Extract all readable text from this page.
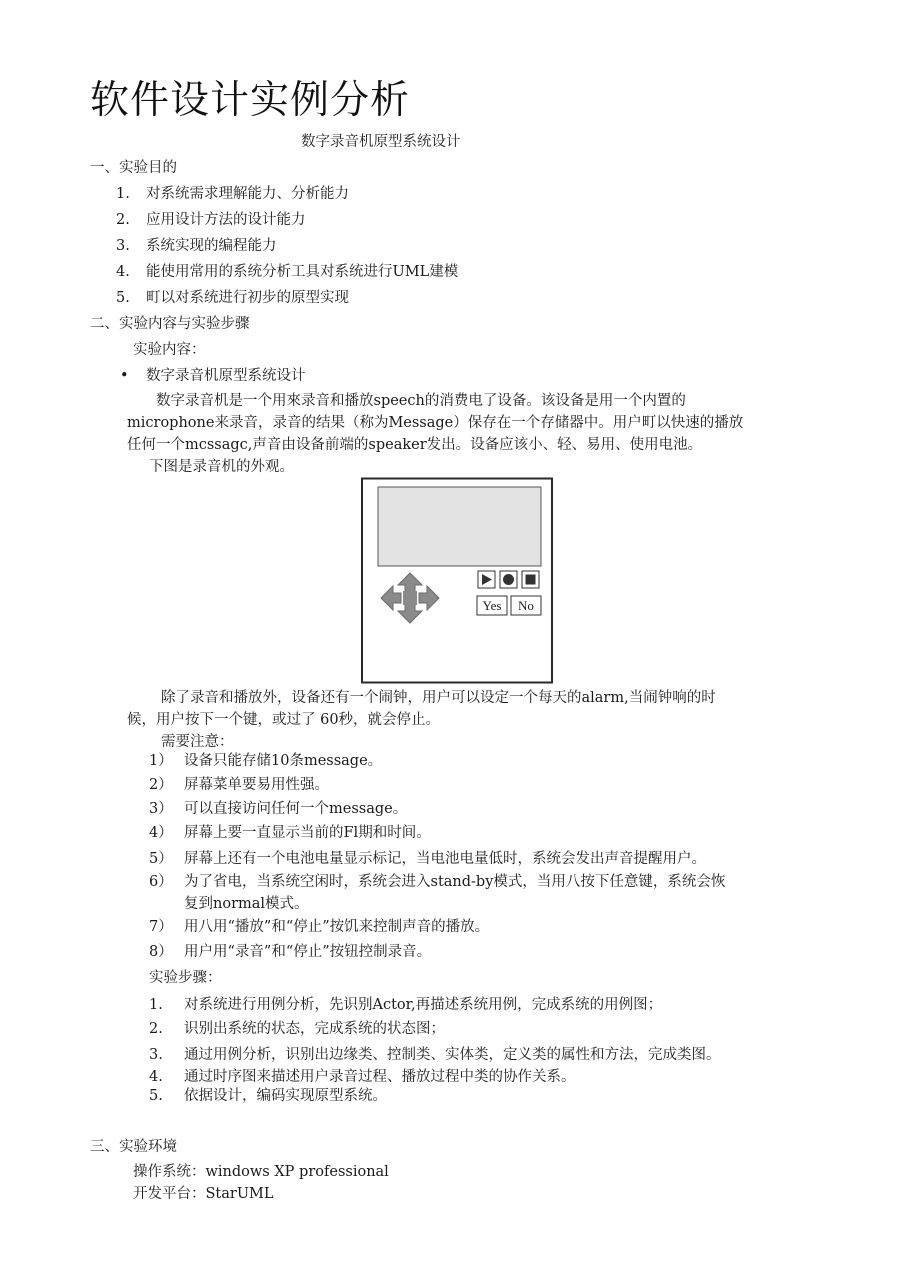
软件设计实例分析
数字录音机原型系统设计
一、实验目的
1. 对系统需求理解能力、分析能力
2. 应用设计方法的设计能力
3. 系统实现的编程能力
4. 能使用常用的系统分析工具对系统进行UML建模
5. 町以对系统进行初步的原型实现
二、实验内容与实验步骤
实验内容：
• 数字录音机原型系统设计
数字录音机是一个用來录音和播放speech的消费电了设备。该设备是用一个内置的
microphone来录音，录音的结果（称为Message）保存在一个存储器中。用户町以快速的播放
任何一个mcssagc,声音由设备前端的speaker发出。设备应该小、轻、易用、使用电池。
下图是录音机的外观。
Yes No
除了录音和播放外，设备还有一个闹钟，用户可以设定一个每天的alarm,当闹钟响的时
候，用户按下一个键，或过了 60秒，就会停止。
需要注意：
1） 设备只能存储10条message。
2） 屏幕菜单要易用性强。
3） 可以直接访问任何一个message。
4） 屏幕上要一直显示当前的Fl期和时间。
5） 屏幕上还有一个电池电量显示标记，当电池电量低时，系统会发出声音提醒用户。
6） 为了省电，当系统空闲时，系统会进入stand-by模式，当用八按下任意键，系统会恢
复到normal模式。
7） 用八用“播放”和“停止”按饥来控制声音的播放。
8） 用户用“录音”和“停止”按钮控制录音。
实验步骤：
1. 对系统进行用例分析，先识别Actor,再描述系统用例，完成系统的用例图；
2. 识别出系统的状态，完成系统的状态图；
3. 通过用例分析，识别出边缘类、控制类、实体类，定义类的属性和方法，完成类图。
4. 通过时序图来描述用户录音过程、播放过程中类的协作关系。
5. 依据设计，编码实现原型系统。
三、实验环境
操作系统：windows XP professional
开发平台：StarUML
